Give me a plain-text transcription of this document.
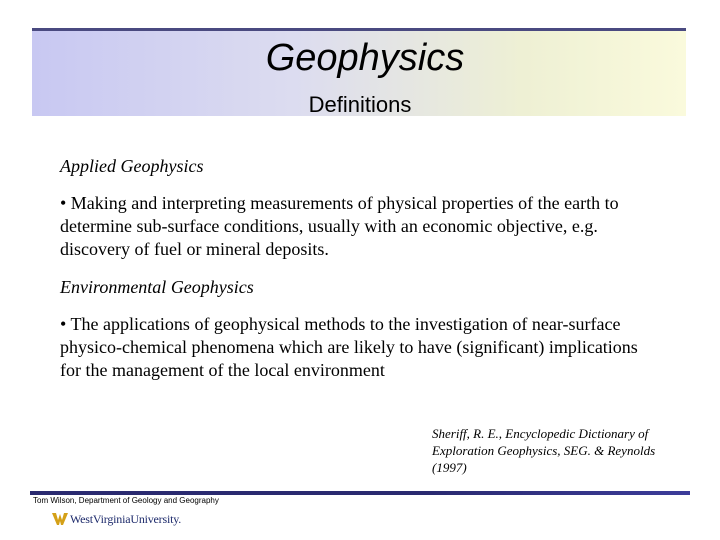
Geophysics
Definitions
Applied Geophysics
• Making and interpreting measurements of physical properties of the earth to determine sub-surface conditions, usually with an economic objective, e.g. discovery of fuel or mineral deposits.
Environmental Geophysics
• The applications of geophysical methods to the investigation of near-surface physico-chemical phenomena which are likely to have (significant) implications for the management of the local environment
Sheriff, R. E., Encyclopedic Dictionary of Exploration Geophysics, SEG. & Reynolds (1997)
Tom Wilson, Department of Geology and Geography
WestVirginiaUniversity.
